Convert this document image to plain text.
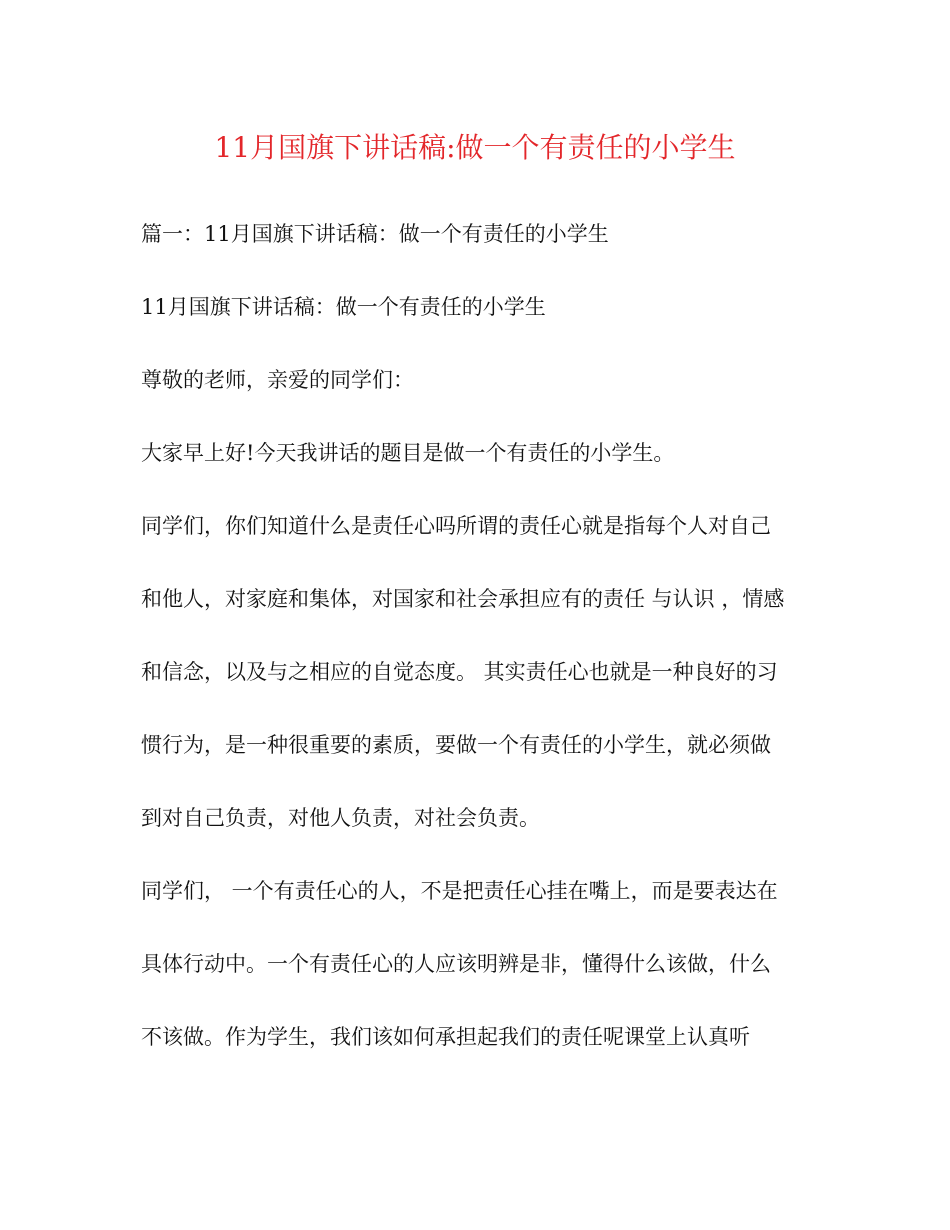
11月国旗下讲话稿:做一个有责任的小学生
篇一：11月国旗下讲话稿：做一个有责任的小学生
11月国旗下讲话稿：做一个有责任的小学生
尊敬的老师，亲爱的同学们：
大家早上好!今天我讲话的题目是做一个有责任的小学生。
同学们，你们知道什么是责任心吗所谓的责任心就是指每个人对自己
和他人，对家庭和集体，对国家和社会承担应有的责任 与认识 ，情感
和信念，以及与之相应的自觉态度。 其实责任心也就是一种良好的习
惯行为，是一种很重要的素质，要做一个有责任的小学生，就必须做
到对自己负责，对他人负责，对社会负责。
同学们， 一个有责任心的人，不是把责任心挂在嘴上，而是要表达在
具体行动中。一个有责任心的人应该明辨是非，懂得什么该做，什么
不该做。作为学生，我们该如何承担起我们的责任呢课堂上认真听
